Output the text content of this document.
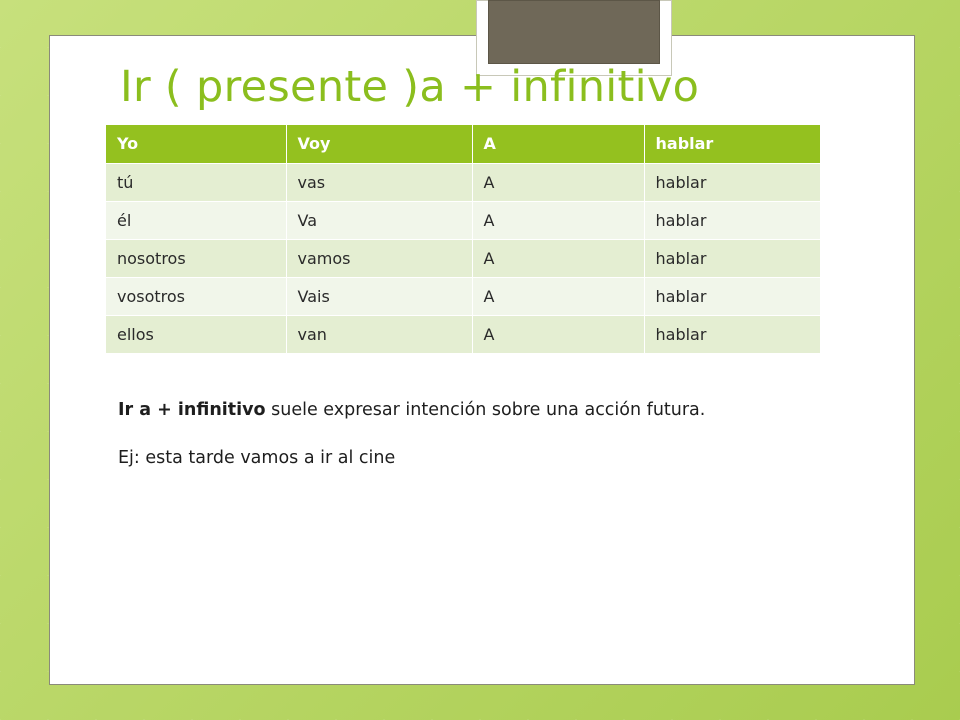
Ir ( presente )a + infinitivo
Yo	Voy	A	hablar
tú	vas	A	hablar
él	Va	A	hablar
nosotros	vamos	A	hablar
vosotros	Vais	A	hablar
ellos	van	A	hablar

Ir a + infinitivo suele expresar intención sobre una acción futura.

Ej: esta tarde vamos a ir al cine
